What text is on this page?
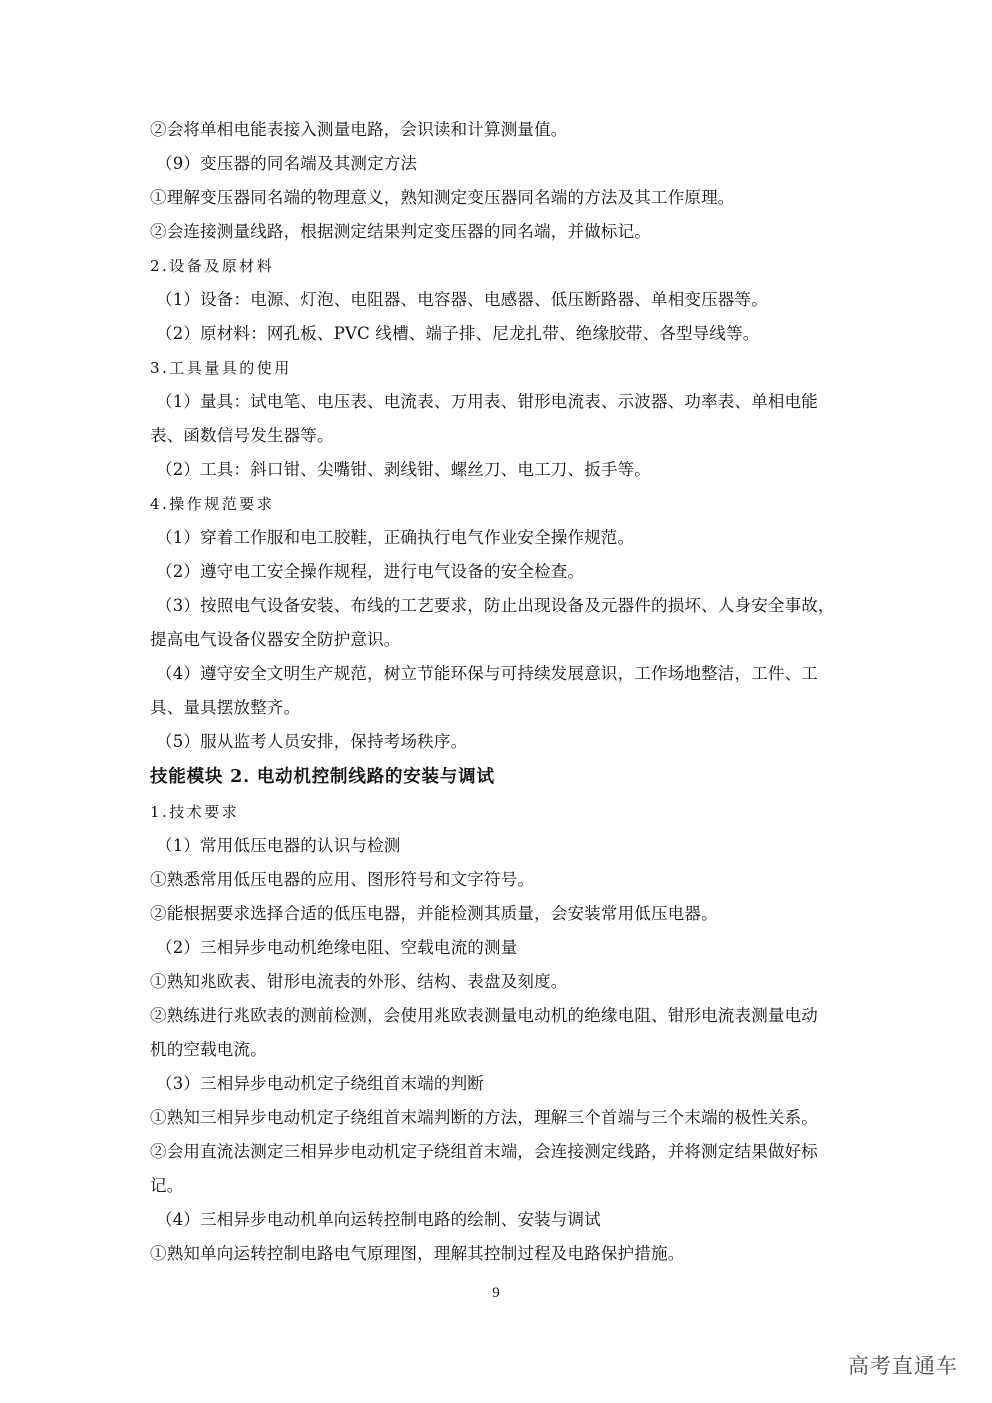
②会将单相电能表接入测量电路，会识读和计算测量值。
（9）变压器的同名端及其测定方法
①理解变压器同名端的物理意义，熟知测定变压器同名端的方法及其工作原理。
②会连接测量线路，根据测定结果判定变压器的同名端，并做标记。
2.设备及原材料
（1）设备：电源、灯泡、电阻器、电容器、电感器、低压断路器、单相变压器等。
（2）原材料：网孔板、PVC 线槽、端子排、尼龙扎带、绝缘胶带、各型导线等。
3.工具量具的使用
（1）量具：试电笔、电压表、电流表、万用表、钳形电流表、示波器、功率表、单相电能
表、函数信号发生器等。
（2）工具：斜口钳、尖嘴钳、剥线钳、螺丝刀、电工刀、扳手等。
4.操作规范要求
（1）穿着工作服和电工胶鞋，正确执行电气作业安全操作规范。
（2）遵守电工安全操作规程，进行电气设备的安全检查。
（3）按照电气设备安装、布线的工艺要求，防止出现设备及元器件的损坏、人身安全事故，
提高电气设备仪器安全防护意识。
（4）遵守安全文明生产规范，树立节能环保与可持续发展意识，工作场地整洁，工件、工
具、量具摆放整齐。
（5）服从监考人员安排，保持考场秩序。
技能模块 2. 电动机控制线路的安装与调试
1.技术要求
（1）常用低压电器的认识与检测
①熟悉常用低压电器的应用、图形符号和文字符号。
②能根据要求选择合适的低压电器，并能检测其质量，会安装常用低压电器。
（2）三相异步电动机绝缘电阻、空载电流的测量
①熟知兆欧表、钳形电流表的外形、结构、表盘及刻度。
②熟练进行兆欧表的测前检测，会使用兆欧表测量电动机的绝缘电阻、钳形电流表测量电动
机的空载电流。
（3）三相异步电动机定子绕组首末端的判断
①熟知三相异步电动机定子绕组首末端判断的方法，理解三个首端与三个末端的极性关系。
②会用直流法测定三相异步电动机定子绕组首末端，会连接测定线路，并将测定结果做好标
记。
（4）三相异步电动机单向运转控制电路的绘制、安装与调试
①熟知单向运转控制电路电气原理图，理解其控制过程及电路保护措施。
9
高考直通车
